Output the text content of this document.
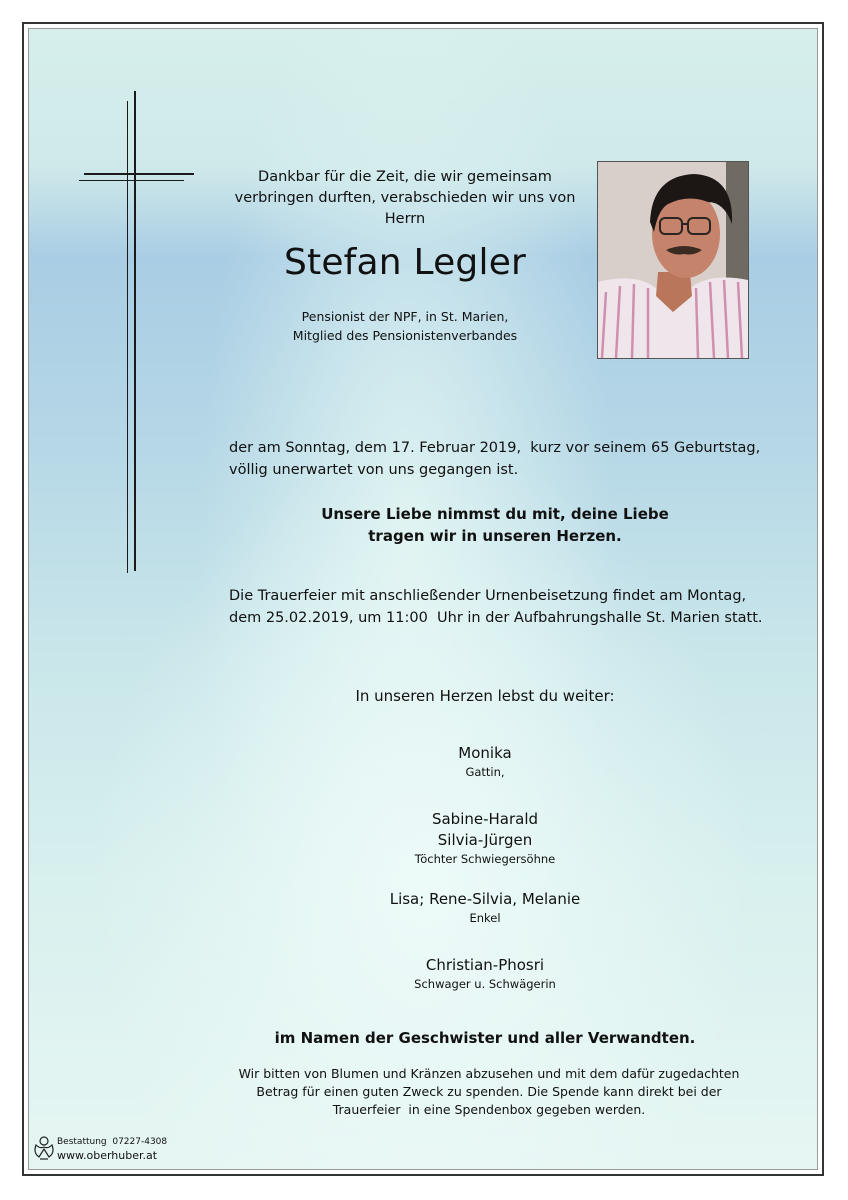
Dankbar für die Zeit, die wir gemeinsam
verbringen durften, verabschieden wir uns von
Herrn
Stefan Legler
Pensionist der NPF, in St. Marien,
Mitglied des Pensionistenverbandes
der am Sonntag, dem 17. Februar 2019,  kurz vor seinem 65 Geburtstag,
völlig unerwartet von uns gegangen ist.
Unsere Liebe nimmst du mit, deine Liebe
tragen wir in unseren Herzen.
Die Trauerfeier mit anschließender Urnenbeisetzung findet am Montag,
dem 25.02.2019, um 11:00  Uhr in der Aufbahrungshalle St. Marien statt.
In unseren Herzen lebst du weiter:
Monika
Gattin,
Sabine-Harald
Silvia-Jürgen
Töchter Schwiegersöhne
Lisa; Rene-Silvia, Melanie
Enkel
Christian-Phosri
Schwager u. Schwägerin
im Namen der Geschwister und aller Verwandten.
Wir bitten von Blumen und Kränzen abzusehen und mit dem dafür zugedachten
Betrag für einen guten Zweck zu spenden. Die Spende kann direkt bei der
Trauerfeier  in eine Spendenbox gegeben werden.
Bestattung  07227-4308
www.oberhuber.at
